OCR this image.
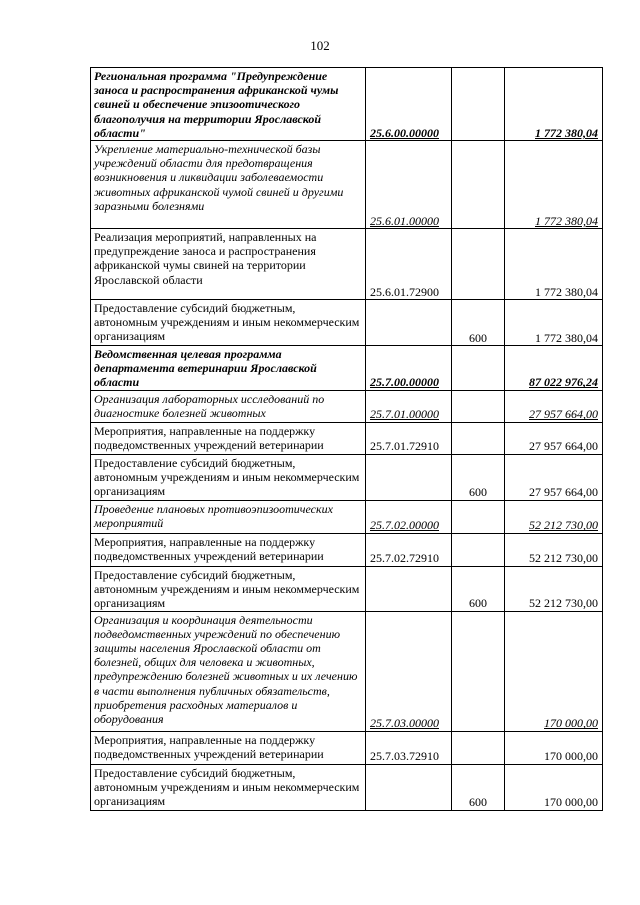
102
Региональная программа "Предупреждение заноса и распространения африканской чумы свиней и обеспечение эпизоотического благополучия на территории Ярославской области"	25.6.00.00000		1 772 380,04
Укрепление материально-технической базы учреждений области для предотвращения возникновения и ликвидации заболеваемости животных африканской чумой свиней и другими заразными болезнями	25.6.01.00000		1 772 380,04
Реализация мероприятий, направленных на предупреждение заноса и распространения африканской чумы свиней на территории Ярославской области	25.6.01.72900		1 772 380,04
Предоставление субсидий бюджетным, автономным учреждениям и иным некоммерческим организациям		600	1 772 380,04
Ведомственная целевая программа департамента ветеринарии Ярославской области	25.7.00.00000		87 022 976,24
Организация лабораторных исследований по диагностике болезней животных	25.7.01.00000		27 957 664,00
Мероприятия, направленные на поддержку подведомственных учреждений ветеринарии	25.7.01.72910		27 957 664,00
Предоставление субсидий бюджетным, автономным учреждениям и иным некоммерческим организациям		600	27 957 664,00
Проведение плановых противоэпизоотических мероприятий	25.7.02.00000		52 212 730,00
Мероприятия, направленные на поддержку подведомственных учреждений ветеринарии	25.7.02.72910		52 212 730,00
Предоставление субсидий бюджетным, автономным учреждениям и иным некоммерческим организациям		600	52 212 730,00
Организация и координация деятельности подведомственных учреждений по обеспечению защиты населения Ярославской области от болезней, общих для человека и животных, предупреждению болезней животных и их лечению в части выполнения публичных обязательств, приобретения расходных материалов и оборудования	25.7.03.00000		170 000,00
Мероприятия, направленные на поддержку подведомственных учреждений ветеринарии	25.7.03.72910		170 000,00
Предоставление субсидий бюджетным, автономным учреждениям и иным некоммерческим организациям		600	170 000,00
